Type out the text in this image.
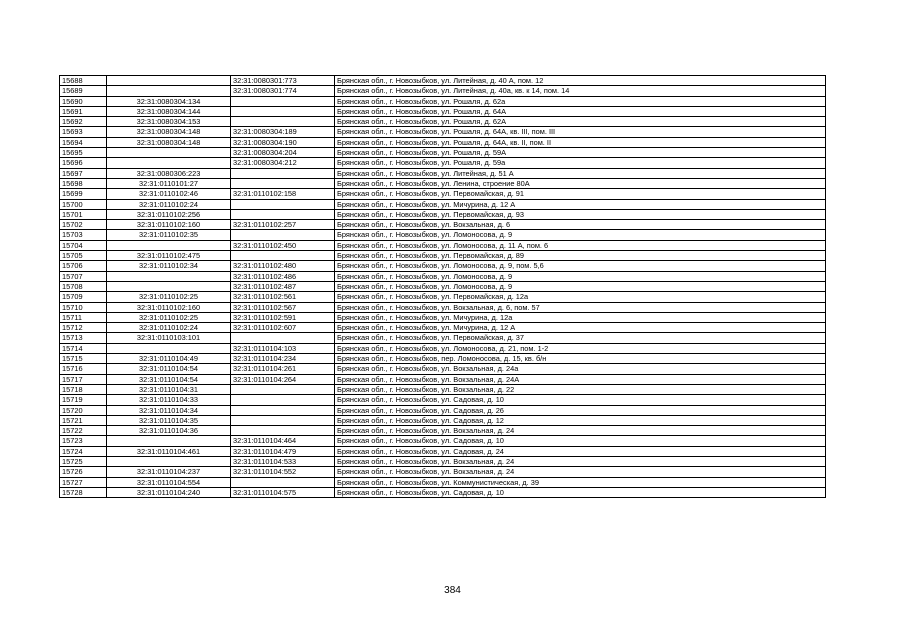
15688		32:31:0080301:773	Брянская обл., г. Новозыбков, ул. Литейная, д. 40 А, пом. 12
15689		32:31:0080301:774	Брянская обл., г. Новозыбков, ул. Литейная, д. 40а, кв. к 14, пом. 14
15690	32:31:0080304:134		Брянская обл., г. Новозыбков, ул. Рошаля, д. 62а
15691	32:31:0080304:144		Брянская обл., г. Новозыбков, ул. Рошаля, д. 64А
15692	32:31:0080304:153		Брянская обл., г. Новозыбков, ул. Рошаля, д. 62А
15693	32:31:0080304:148	32:31:0080304:189	Брянская обл., г. Новозыбков, ул. Рошаля, д. 64А, кв. III, пом. III
15694	32:31:0080304:148	32:31:0080304:190	Брянская обл., г. Новозыбков, ул. Рошаля, д. 64А, кв. II, пом. II
15695		32:31:0080304:204	Брянская обл., г. Новозыбков, ул. Рошаля, д. 59А
15696		32:31:0080304:212	Брянская обл., г. Новозыбков, ул. Рошаля, д. 59а
15697	32:31:0080306:223		Брянская обл., г. Новозыбков, ул. Литейная, д. 51 А
15698	32:31:0110101:27		Брянская обл., г. Новозыбков, ул. Ленина, строение 80А
15699	32:31:0110102:46	32:31:0110102:158	Брянская обл., г. Новозыбков, ул. Первомайская, д. 91
15700	32:31:0110102:24		Брянская обл., г. Новозыбков, ул. Мичурина, д. 12 А
15701	32:31:0110102:256		Брянская обл., г. Новозыбков, ул. Первомайская, д. 93
15702	32:31:0110102:160	32:31:0110102:257	Брянская обл., г. Новозыбков, ул. Вокзальная, д. 6
15703	32:31:0110102:35		Брянская обл., г. Новозыбков, ул. Ломоносова, д. 9
15704		32:31:0110102:450	Брянская обл., г. Новозыбков, ул. Ломоносова, д. 11 А, пом. 6
15705	32:31:0110102:475		Брянская обл., г. Новозыбков, ул. Первомайская, д. 89
15706	32:31:0110102:34	32:31:0110102:480	Брянская обл., г. Новозыбков, ул. Ломоносова, д. 9, пом. 5,6
15707		32:31:0110102:486	Брянская обл., г. Новозыбков, ул. Ломоносова, д. 9
15708		32:31:0110102:487	Брянская обл., г. Новозыбков, ул. Ломоносова, д. 9
15709	32:31:0110102:25	32:31:0110102:561	Брянская обл., г. Новозыбков, ул. Первомайская, д. 12а
15710	32:31:0110102:160	32:31:0110102:567	Брянская обл., г. Новозыбков, ул. Вокзальная, д. 6, пом. 57
15711	32:31:0110102:25	32:31:0110102:591	Брянская обл., г. Новозыбков, ул. Мичурина, д. 12а
15712	32:31:0110102:24	32:31:0110102:607	Брянская обл., г. Новозыбков, ул. Мичурина, д. 12 А
15713	32:31:0110103:101		Брянская обл., г. Новозыбков, ул. Первомайская, д. 37
15714		32:31:0110104:103	Брянская обл., г. Новозыбков, ул. Ломоносова, д. 21, пом. 1-2
15715	32:31:0110104:49	32:31:0110104:234	Брянская обл., г. Новозыбков, пер. Ломоносова, д. 15, кв. б/н
15716	32:31:0110104:54	32:31:0110104:261	Брянская обл., г. Новозыбков, ул. Вокзальная, д. 24а
15717	32:31:0110104:54	32:31:0110104:264	Брянская обл., г. Новозыбков, ул. Вокзальная, д. 24А
15718	32:31:0110104:31		Брянская обл., г. Новозыбков, ул. Вокзальная, д. 22
15719	32:31:0110104:33		Брянская обл., г. Новозыбков, ул. Садовая, д. 10
15720	32:31:0110104:34		Брянская обл., г. Новозыбков, ул. Садовая, д. 26
15721	32:31:0110104:35		Брянская обл., г. Новозыбков, ул. Садовая, д. 12
15722	32:31:0110104:36		Брянская обл., г. Новозыбков, ул. Вокзальная, д. 24
15723		32:31:0110104:464	Брянская обл., г. Новозыбков, ул. Садовая, д. 10
15724	32:31:0110104:461	32:31:0110104:479	Брянская обл., г. Новозыбков, ул. Садовая, д. 24
15725		32:31:0110104:533	Брянская обл., г. Новозыбков, ул. Вокзальная, д. 24
15726	32:31:0110104:237	32:31:0110104:552	Брянская обл., г. Новозыбков, ул. Вокзальная, д. 24
15727	32:31:0110104:554		Брянская обл., г. Новозыбков, ул. Коммунистическая, д. 39
15728	32:31:0110104:240	32:31:0110104:575	Брянская обл., г. Новозыбков, ул. Садовая, д. 10
384
